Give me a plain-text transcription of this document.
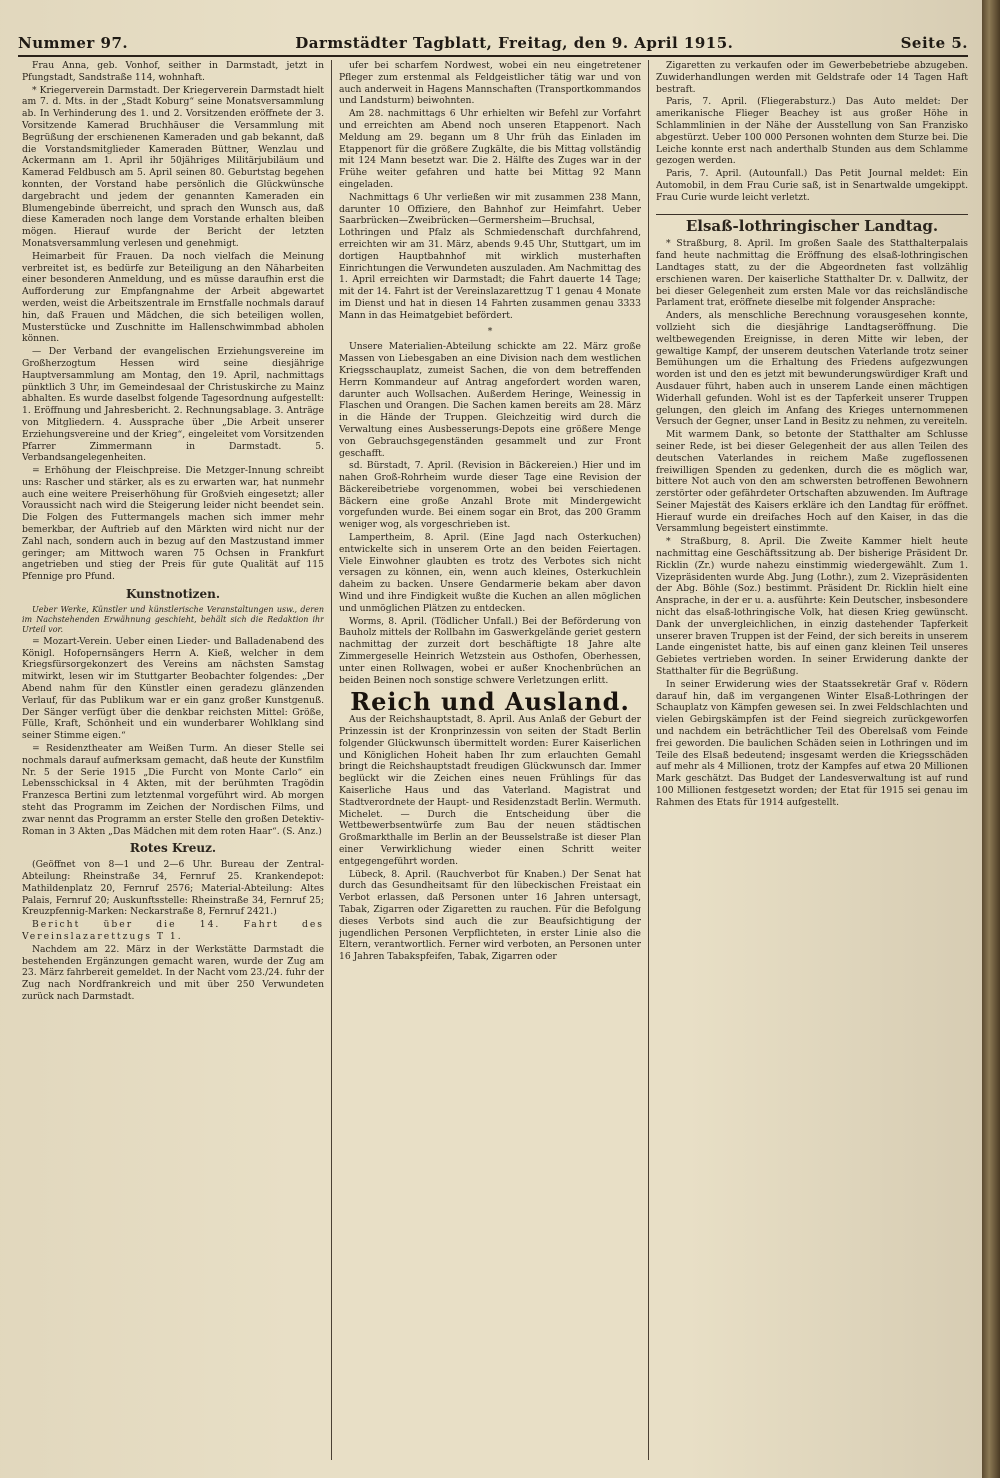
Nummer 97.	Darmstädter Tagblatt, Freitag, den 9. April 1915.	Seite 5.

Frau Anna, geb. Vonhof, seither in Darmstadt, jetzt in Pfungstadt, Sandstraße 114, wohnhaft.

* Kriegerverein Darmstadt. Der Kriegerverein Darmstadt hielt am 7. d. Mts. in der „Stadt Koburg“ seine Monatsversammlung ab. In Verhinderung des 1. und 2. Vorsitzenden eröffnete der 3. Vorsitzende Kamerad Bruchhäuser die Versammlung mit Begrüßung der erschienenen Kameraden und gab bekannt, daß die Vorstandsmitglieder Kameraden Büttner, Wenzlau und Ackermann am 1. April ihr 50jähriges Militärjubiläum und Kamerad Feldbusch am 5. April seinen 80. Geburtstag begehen konnten, der Vorstand habe persönlich die Glückwünsche dargebracht und jedem der genannten Kameraden ein Blumengebinde überreicht, und sprach den Wunsch aus, daß diese Kameraden noch lange dem Vorstande erhalten bleiben mögen. Hierauf wurde der Bericht der letzten Monatsversammlung verlesen und genehmigt.

Heimarbeit für Frauen. Da noch vielfach die Meinung verbreitet ist, es bedürfe zur Beteiligung an den Näharbeiten einer besonderen Anmeldung, und es müsse daraufhin erst die Aufforderung zur Empfangnahme der Arbeit abgewartet werden, weist die Arbeitszentrale im Ernstfalle nochmals darauf hin, daß Frauen und Mädchen, die sich beteiligen wollen, Musterstücke und Zuschnitte im Hallenschwimmbad abholen können.

— Der Verband der evangelischen Erziehungsvereine im Großherzogtum Hessen wird seine diesjährige Hauptversammlung am Montag, den 19. April, nachmittags pünktlich 3 Uhr, im Gemeindesaal der Christuskirche zu Mainz abhalten. Es wurde daselbst folgende Tagesordnung aufgestellt: 1. Eröffnung und Jahresbericht. 2. Rechnungsablage. 3. Anträge von Mitgliedern. 4. Aussprache über „Die Arbeit unserer Erziehungsvereine und der Krieg“, eingeleitet vom Vorsitzenden Pfarrer Zimmermann in Darmstadt. 5. Verbandsangelegenheiten.

= Erhöhung der Fleischpreise. Die Metzger-Innung schreibt uns: Rascher und stärker, als es zu erwarten war, hat nunmehr auch eine weitere Preiserhöhung für Großvieh eingesetzt; aller Voraussicht nach wird die Steigerung leider nicht beendet sein. Die Folgen des Futtermangels machen sich immer mehr bemerkbar, der Auftrieb auf den Märkten wird nicht nur der Zahl nach, sondern auch in bezug auf den Mastzustand immer geringer; am Mittwoch waren 75 Ochsen in Frankfurt angetrieben und stieg der Preis für gute Qualität auf 115 Pfennige pro Pfund.

Kunstnotizen.

Ueber Werke, Künstler und künstlerische Veranstaltungen usw., deren im Nachstehenden Erwähnung geschieht, behält sich die Redaktion ihr Urteil vor.

= Mozart-Verein. Ueber einen Lieder- und Balladenabend des Königl. Hofopernsängers Herrn A. Kieß, welcher in dem Kriegsfürsorgekonzert des Vereins am nächsten Samstag mitwirkt, lesen wir im Stuttgarter Beobachter folgendes: „Der Abend nahm für den Künstler einen geradezu glänzenden Verlauf, für das Publikum war er ein ganz großer Kunstgenuß. Der Sänger verfügt über die denkbar reichsten Mittel: Größe, Fülle, Kraft, Schönheit und ein wunderbarer Wohlklang sind seiner Stimme eigen.“

= Residenztheater am Weißen Turm. An dieser Stelle sei nochmals darauf aufmerksam gemacht, daß heute der Kunstfilm Nr. 5 der Serie 1915 „Die Furcht von Monte Carlo“ ein Lebensschicksal in 4 Akten, mit der berühmten Tragödin Franzesca Bertini zum letztenmal vorgeführt wird. Ab morgen steht das Programm im Zeichen der Nordischen Films, und zwar nennt das Programm an erster Stelle den großen Detektiv-Roman in 3 Akten „Das Mädchen mit dem roten Haar“. (S. Anz.)

Rotes Kreuz.

(Geöffnet von 8—1 und 2—6 Uhr. Bureau der Zentral-Abteilung: Rheinstraße 34, Fernruf 25. Krankendepot: Mathildenplatz 20, Fernruf 2576; Material-Abteilung: Altes Palais, Fernruf 20; Auskunftsstelle: Rheinstraße 34, Fernruf 25; Kreuzpfennig-Marken: Neckarstraße 8, Fernruf 2421.)

Bericht über die 14. Fahrt des Vereinslazarettzugs T 1.

Nachdem am 22. März in der Werkstätte Darmstadt die bestehenden Ergänzungen gemacht waren, wurde der Zug am 23. März fahrbereit gemeldet. In der Nacht vom 23./24. fuhr der Zug nach Nordfrankreich und mit über 250 Verwundeten zurück nach Darmstadt.

ufer bei scharfem Nordwest, wobei ein neu eingetretener Pfleger zum erstenmal als Feldgeistlicher tätig war und von auch anderweit in Hagens Mannschaften (Transportkommandos und Landsturm) beiwohnten.

Am 28. nachmittags 6 Uhr erhielten wir Befehl zur Vorfahrt und erreichten am Abend noch unseren Etappenort. Nach Meldung am 29. begann um 8 Uhr früh das Einladen im Etappenort für die größere Zugkälte, die bis Mittag vollständig mit 124 Mann besetzt war. Die 2. Hälfte des Zuges war in der Frühe weiter gefahren und hatte bei Mittag 92 Mann eingeladen.

Nachmittags 6 Uhr verließen wir mit zusammen 238 Mann, darunter 10 Offiziere, den Bahnhof zur Heimfahrt. Ueber Saarbrücken—Zweibrücken—Germersheim—Bruchsal, Lothringen und Pfalz als Schmiedenschaft durchfahrend, erreichten wir am 31. März, abends 9.45 Uhr, Stuttgart, um im dortigen Hauptbahnhof mit wirklich musterhaften Einrichtungen die Verwundeten auszuladen. Am Nachmittag des 1. April erreichten wir Darmstadt; die Fahrt dauerte 14 Tage; mit der 14. Fahrt ist der Vereinslazarettzug T 1 genau 4 Monate im Dienst und hat in diesen 14 Fahrten zusammen genau 3333 Mann in das Heimatgebiet befördert.

*

Unsere Materialien-Abteilung schickte am 22. März große Massen von Liebesgaben an eine Division nach dem westlichen Kriegsschauplatz, zumeist Sachen, die von dem betreffenden Herrn Kommandeur auf Antrag angefordert worden waren, darunter auch Wollsachen. Außerdem Heringe, Weinessig in Flaschen und Orangen. Die Sachen kamen bereits am 28. März in die Hände der Truppen. Gleichzeitig wird durch die Verwaltung eines Ausbesserungs-Depots eine größere Menge von Gebrauchsgegenständen gesammelt und zur Front geschafft.

sd. Bürstadt, 7. April. (Revision in Bäckereien.) Hier und im nahen Groß-Rohrheim wurde dieser Tage eine Revision der Bäckereibetriebe vorgenommen, wobei bei verschiedenen Bäckern eine große Anzahl Brote mit Mindergewicht vorgefunden wurde. Bei einem sogar ein Brot, das 200 Gramm weniger wog, als vorgeschrieben ist.

Lampertheim, 8. April. (Eine Jagd nach Osterkuchen) entwickelte sich in unserem Orte an den beiden Feiertagen. Viele Einwohner glaubten es trotz des Verbotes sich nicht versagen zu können, ein, wenn auch kleines, Osterkuchlein daheim zu backen. Unsere Gendarmerie bekam aber davon Wind und ihre Findigkeit wußte die Kuchen an allen möglichen und unmöglichen Plätzen zu entdecken.

Worms, 8. April. (Tödlicher Unfall.) Bei der Beförderung von Bauholz mittels der Rollbahn im Gaswerkgelände geriet gestern nachmittag der zurzeit dort beschäftigte 18 Jahre alte Zimmergeselle Heinrich Wetzstein aus Osthofen, Oberhessen, unter einen Rollwagen, wobei er außer Knochenbrüchen an beiden Beinen noch sonstige schwere Verletzungen erlitt.

Reich und Ausland.

Aus der Reichshauptstadt, 8. April. Aus Anlaß der Geburt der Prinzessin ist der Kronprinzessin von seiten der Stadt Berlin folgender Glückwunsch übermittelt worden: Eurer Kaiserlichen und Königlichen Hoheit haben Ihr zum erlauchten Gemahl bringt die Reichshauptstadt freudigen Glückwunsch dar. Immer beglückt wir die Zeichen eines neuen Frühlings für das Kaiserliche Haus und das Vaterland. Magistrat und Stadtverordnete der Haupt- und Residenzstadt Berlin. Wermuth. Michelet. — Durch die Entscheidung über die Wettbewerbsentwürfe zum Bau der neuen städtischen Großmarkthalle im Berlin an der Beusselstraße ist dieser Plan einer Verwirklichung wieder einen Schritt weiter entgegengeführt worden.

Lübeck, 8. April. (Rauchverbot für Knaben.) Der Senat hat durch das Gesundheitsamt für den lübeckischen Freistaat ein Verbot erlassen, daß Personen unter 16 Jahren untersagt, Tabak, Zigarren oder Zigaretten zu rauchen. Für die Befolgung dieses Verbots sind auch die zur Beaufsichtigung der jugendlichen Personen Verpflichteten, in erster Linie also die Eltern, verantwortlich. Ferner wird verboten, an Personen unter 16 Jahren Tabakspfeifen, Tabak, Zigarren oder

Zigaretten zu verkaufen oder im Gewerbebetriebe abzugeben. Zuwiderhandlungen werden mit Geldstrafe oder 14 Tagen Haft bestraft.

Paris, 7. April. (Fliegerabsturz.) Das Auto meldet: Der amerikanische Flieger Beachey ist aus großer Höhe in Schlammlinien in der Nähe der Ausstellung von San Franzisko abgestürzt. Ueber 100 000 Personen wohnten dem Sturze bei. Die Leiche konnte erst nach anderthalb Stunden aus dem Schlamme gezogen werden.

Paris, 7. April. (Autounfall.) Das Petit Journal meldet: Ein Automobil, in dem Frau Curie saß, ist in Senartwalde umgekippt. Frau Curie wurde leicht verletzt.

Elsaß-lothringischer Landtag.

* Straßburg, 8. April. Im großen Saale des Statthalterpalais fand heute nachmittag die Eröffnung des elsaß-lothringischen Landtages statt, zu der die Abgeordneten fast vollzählig erschienen waren. Der kaiserliche Statthalter Dr. v. Dallwitz, der bei dieser Gelegenheit zum ersten Male vor das reichsländische Parlament trat, eröffnete dieselbe mit folgender Ansprache:

Anders, als menschliche Berechnung vorausgesehen konnte, vollzieht sich die diesjährige Landtagseröffnung. Die weltbewegenden Ereignisse, in deren Mitte wir leben, der gewaltige Kampf, der unserem deutschen Vaterlande trotz seiner Bemühungen um die Erhaltung des Friedens aufgezwungen worden ist und den es jetzt mit bewunderungswürdiger Kraft und Ausdauer führt, haben auch in unserem Lande einen mächtigen Widerhall gefunden. Wohl ist es der Tapferkeit unserer Truppen gelungen, den gleich im Anfang des Krieges unternommenen Versuch der Gegner, unser Land in Besitz zu nehmen, zu vereiteln.

Mit warmem Dank, so betonte der Statthalter am Schlusse seiner Rede, ist bei dieser Gelegenheit der aus allen Teilen des deutschen Vaterlandes in reichem Maße zugeflossenen freiwilligen Spenden zu gedenken, durch die es möglich war, bittere Not auch von den am schwersten betroffenen Bewohnern zerstörter oder gefährdeter Ortschaften abzuwenden. Im Auftrage Seiner Majestät des Kaisers erkläre ich den Landtag für eröffnet. Hierauf wurde ein dreifaches Hoch auf den Kaiser, in das die Versammlung begeistert einstimmte.

* Straßburg, 8. April. Die Zweite Kammer hielt heute nachmittag eine Geschäftssitzung ab. Der bisherige Präsident Dr. Ricklin (Zr.) wurde nahezu einstimmig wiedergewählt. Zum 1. Vizepräsidenten wurde Abg. Jung (Lothr.), zum 2. Vizepräsidenten der Abg. Böhle (Soz.) bestimmt. Präsident Dr. Ricklin hielt eine Ansprache, in der er u. a. ausführte: Kein Deutscher, insbesondere nicht das elsaß-lothringische Volk, hat diesen Krieg gewünscht. Dank der unvergleichlichen, in einzig dastehender Tapferkeit unserer braven Truppen ist der Feind, der sich bereits in unserem Lande eingenistet hatte, bis auf einen ganz kleinen Teil unseres Gebietes vertrieben worden. In seiner Erwiderung dankte der Statthalter für die Begrüßung.

In seiner Erwiderung wies der Staatssekretär Graf v. Rödern darauf hin, daß im vergangenen Winter Elsaß-Lothringen der Schauplatz von Kämpfen gewesen sei. In zwei Feldschlachten und vielen Gebirgskämpfen ist der Feind siegreich zurückgeworfen und nachdem ein beträchtlicher Teil des Oberelsaß vom Feinde frei geworden. Die baulichen Schäden seien in Lothringen und im Teile des Elsaß bedeutend; insgesamt werden die Kriegsschäden auf mehr als 4 Millionen, trotz der Kampfes auf etwa 20 Millionen Mark geschätzt. Das Budget der Landesverwaltung ist auf rund 100 Millionen festgesetzt worden; der Etat für 1915 sei genau im Rahmen des Etats für 1914 aufgestellt.
